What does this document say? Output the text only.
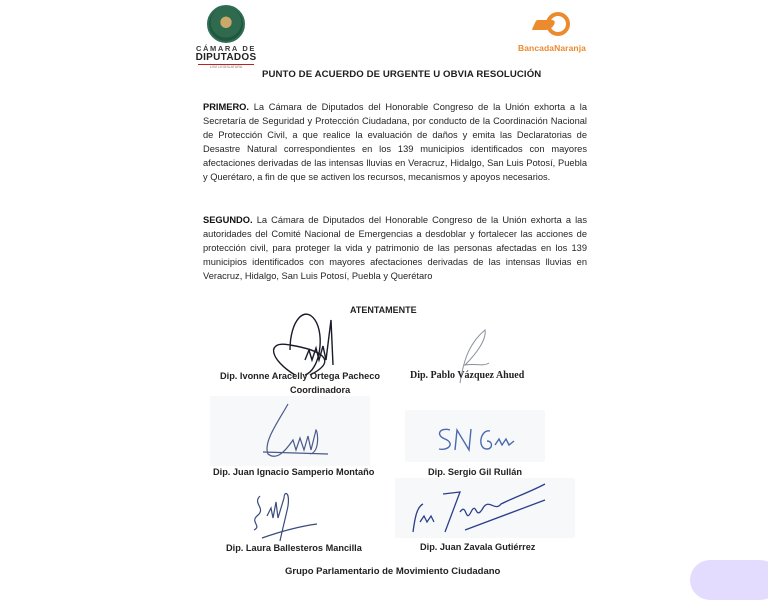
CÁMARA DE
DIPUTADOS
LXVI LEGISLATURA
BancadaNaranja
PUNTO DE ACUERDO DE URGENTE U OBVIA RESOLUCIÓN
PRIMERO. La Cámara de Diputados del Honorable Congreso de la Unión exhorta a la Secretaría de Seguridad y Protección Ciudadana, por conducto de la Coordinación Nacional de Protección Civil, a que realice la evaluación de daños y emita las Declaratorias de Desastre Natural correspondientes en los 139 municipios identificados con mayores afectaciones derivadas de las intensas lluvias en Veracruz, Hidalgo, San Luis Potosí, Puebla y Querétaro, a fin de que se activen los recursos, mecanismos y apoyos necesarios.
SEGUNDO. La Cámara de Diputados del Honorable Congreso de la Unión exhorta a las autoridades del Comité Nacional de Emergencias a desdoblar y fortalecer las acciones de protección civil, para proteger la vida y patrimonio de las personas afectadas en los 139 municipios identificados con mayores afectaciones derivadas de las intensas lluvias en Veracruz, Hidalgo, San Luis Potosí, Puebla y Querétaro
ATENTAMENTE
Dip. Ivonne Aracelly Ortega Pacheco
Coordinadora
Dip. Pablo Vázquez Ahued
Dip. Juan Ignacio Samperio Montaño	Dip. Sergio Gil Rullán
Dip. Laura Ballesteros Mancilla	Dip. Juan Zavala Gutiérrez
Grupo Parlamentario de Movimiento Ciudadano
